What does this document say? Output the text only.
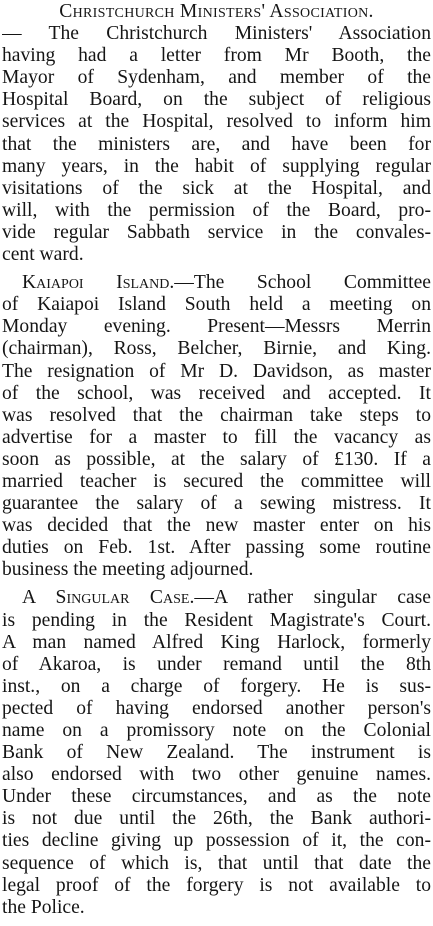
Christchurch Ministers' Association.
— The Christchurch Ministers' Association
having had a letter from Mr Booth, the
Mayor of Sydenham, and member of the
Hospital Board, on the subject of religious
services at the Hospital, resolved to inform him
that the ministers are, and have been for
many years, in the habit of supplying regular
visitations of the sick at the Hospital, and
will, with the permission of the Board, pro-
vide regular Sabbath service in the convales-
cent ward.
Kaiapoi Island.—The School Committee
of Kaiapoi Island South held a meeting on
Monday evening. Present—Messrs Merrin
(chairman), Ross, Belcher, Birnie, and King.
The resignation of Mr D. Davidson, as master
of the school, was received and accepted. It
was resolved that the chairman take steps to
advertise for a master to fill the vacancy as
soon as possible, at the salary of £130. If a
married teacher is secured the committee will
guarantee the salary of a sewing mistress. It
was decided that the new master enter on his
duties on Feb. 1st. After passing some routine
business the meeting adjourned.
A Singular Case.—A rather singular case
is pending in the Resident Magistrate's Court.
A man named Alfred King Harlock, formerly
of Akaroa, is under remand until the 8th
inst., on a charge of forgery. He is sus-
pected of having endorsed another person's
name on a promissory note on the Colonial
Bank of New Zealand. The instrument is
also endorsed with two other genuine names.
Under these circumstances, and as the note
is not due until the 26th, the Bank authori-
ties decline giving up possession of it, the con-
sequence of which is, that until that date the
legal proof of the forgery is not available to
the Police.
